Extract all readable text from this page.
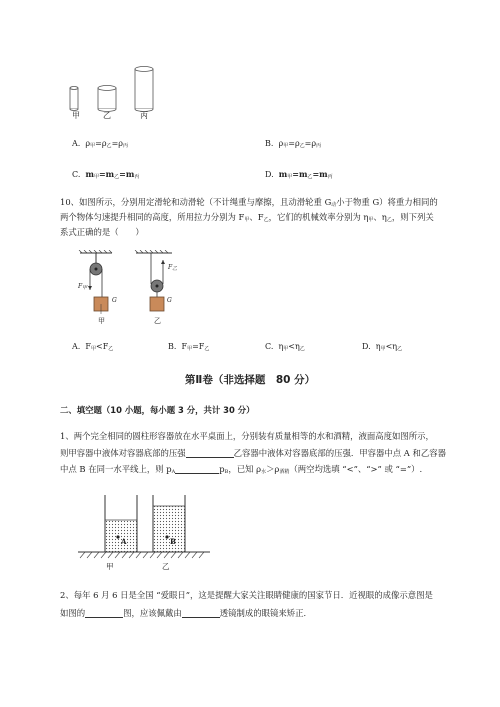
甲	乙	丙
A. $\rho_甲=\rho_乙=\rho_丙$	B. $\rho_甲=\rho_乙=\rho_丙$
C. $m_甲=m_乙=m_丙$	D. $m_甲=m_乙=m_丙$
10、如图所示，分别用定滑轮和动滑轮（不计绳重与摩擦，且动滑轮重 $G_动$小于物重 G）将重力相同的
两个物体匀速提升相同的高度，所用拉力分别为 $F_甲$、$F_乙$，它们的机械效率分别为 $\eta_甲$、$\eta_乙$，则下列关
系式正确的是（　　）
$F_甲$
$F_乙$
G	G
甲	乙
A. $F_甲<F_乙$	B. $F_甲=F_乙$	C. $\eta_甲<\eta_乙$	D. $\eta_甲<\eta_乙$
第Ⅱ卷（非选择题　80 分）
二、填空题（10 小题，每小题 3 分，共计 30 分）
1、两个完全相同的圆柱形容器放在水平桌面上，分别装有质量相等的水和酒精，液面高度如图所示，
则甲容器中液体对容器底部的压强	乙容器中液体对容器底部的压强．甲容器中点 A 和乙容器
中点 B 在同一水平线上，则 $p_A$	$p_B$，已知 $\rho_水>\rho_{酒精}$（两空均选填 “<”、“>” 或 “=”）.
A	B
甲	乙
2、每年 6 月 6 日是全国 “爱眼日”，这是提醒大家关注眼睛健康的国家节日．近视眼的成像示意图是
如图的	图，应该佩戴由	透镜制成的眼镜来矫正．
